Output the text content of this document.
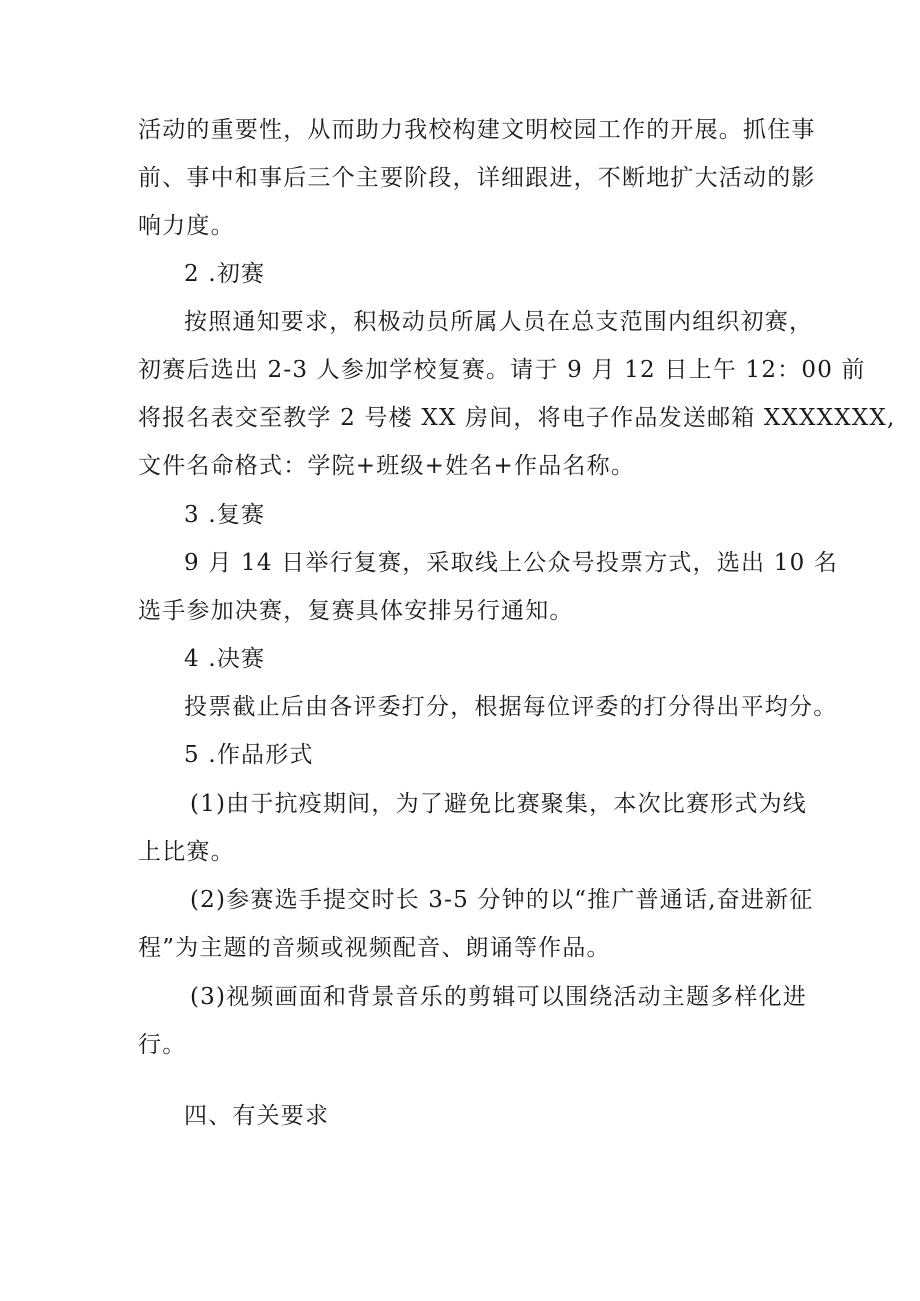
活动的重要性，从而助力我校构建文明校园工作的开展。抓住事
前、事中和事后三个主要阶段，详细跟进，不断地扩大活动的影
响力度。
2 .初赛
按照通知要求，积极动员所属人员在总支范围内组织初赛，
初赛后选出 2-3 人参加学校复赛。请于 9 月 12 日上午 12：00 前
将报名表交至教学 2 号楼 XX 房间，将电子作品发送邮箱 XXXXXXX,
文件名命格式：学院+班级+姓名+作品名称。
3 .复赛
9 月 14 日举行复赛，采取线上公众号投票方式，选出 10 名
选手参加决赛，复赛具体安排另行通知。
4 .决赛
投票截止后由各评委打分，根据每位评委的打分得出平均分。
5 .作品形式
(1)由于抗疫期间，为了避免比赛聚集，本次比赛形式为线
上比赛。
(2)参赛选手提交时长 3-5 分钟的以“推广普通话,奋进新征
程”为主题的音频或视频配音、朗诵等作品。
(3)视频画面和背景音乐的剪辑可以围绕活动主题多样化进
行。
四、有关要求
